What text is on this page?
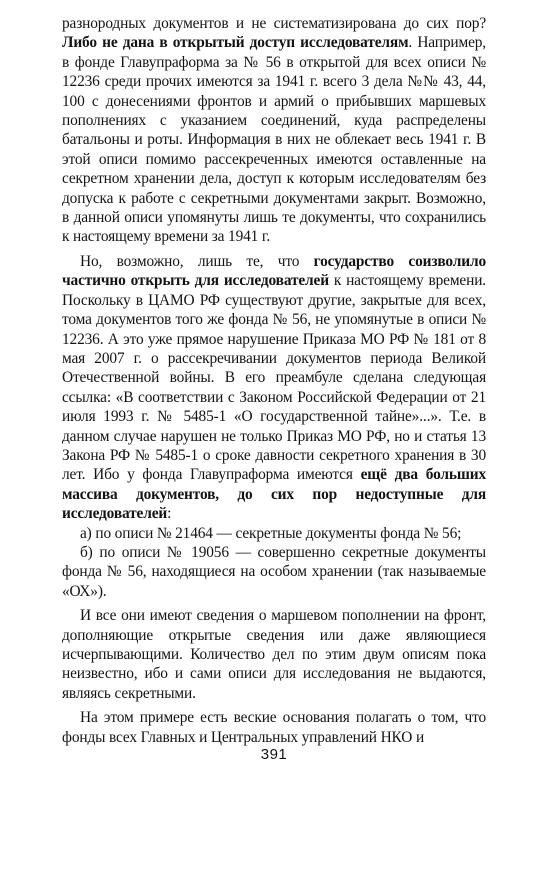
разнородных документов и не систематизирована до сих пор? Либо не дана в открытый доступ исследователям. Например, в фонде Главупраформа за № 56 в открытой для всех описи № 12236 среди прочих имеются за 1941 г. всего 3 дела №№ 43, 44, 100 с донесениями фронтов и армий о прибывших маршевых пополнениях с указанием соединений, куда распределены батальоны и роты. Информация в них не облекает весь 1941 г. В этой описи помимо рассекреченных имеются оставленные на секретном хранении дела, доступ к которым исследователям без допуска к работе с секретными документами закрыт. Возможно, в данной описи упомянуты лишь те документы, что сохранились к настоящему времени за 1941 г.

Но, возможно, лишь те, что государство соизволило частично открыть для исследователей к настоящему времени. Поскольку в ЦАМО РФ существуют другие, закрытые для всех, тома документов того же фонда № 56, не упомянутые в описи № 12236. А это уже прямое нарушение Приказа МО РФ № 181 от 8 мая 2007 г. о рассекречивании документов периода Великой Отечественной войны. В его преамбуле сделана следующая ссылка: «В соответствии с Законом Российской Федерации от 21 июля 1993 г. № 5485-1 «О государственной тайне»...». Т.е. в данном случае нарушен не только Приказ МО РФ, но и статья 13 Закона РФ № 5485-1 о сроке давности секретного хранения в 30 лет. Ибо у фонда Главупраформа имеются ещё два больших массива документов, до сих пор недоступные для исследователей:

а) по описи № 21464 — секретные документы фонда № 56;

б) по описи № 19056 — совершенно секретные документы фонда № 56, находящиеся на особом хранении (так называемые «ОХ»).

И все они имеют сведения о маршевом пополнении на фронт, дополняющие открытые сведения или даже являющиеся исчерпывающими. Количество дел по этим двум описям пока неизвестно, ибо и сами описи для исследования не выдаются, являясь секретными.

На этом примере есть веские основания полагать о том, что фонды всех Главных и Центральных управлений НКО и

391
